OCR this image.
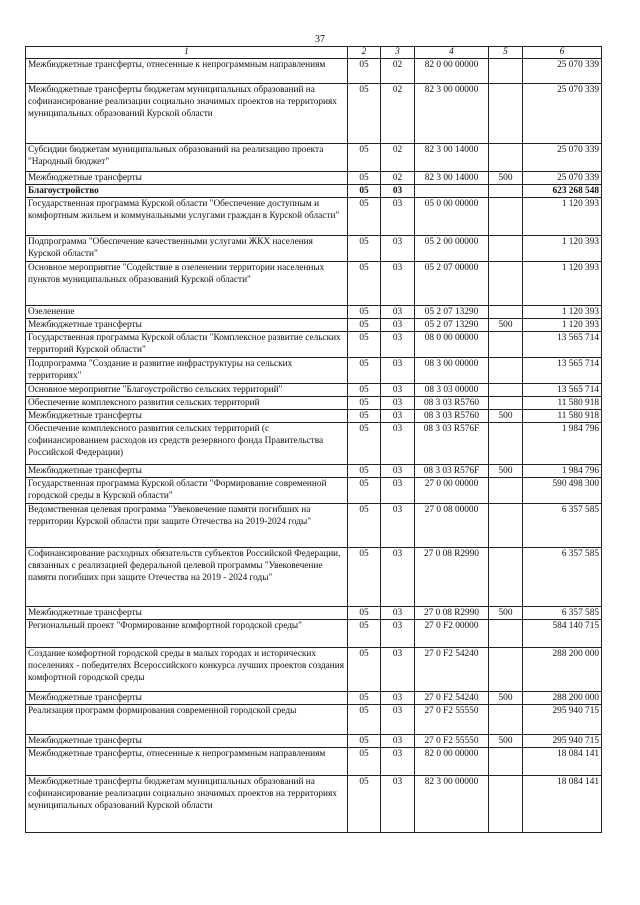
37
1	2	3	4	5	6
Межбюджетные трансферты, отнесенные к непрограммным направлениям	05	02	82 0 00 00000		25 070 339
Межбюджетные трансферты бюджетам муниципальных образований на софинансирование реализации социально значимых проектов на территориях муниципальных образований Курской области	05	02	82 3 00 00000		25 070 339
Субсидии бюджетам муниципальных образований на реализацию проекта "Народный бюджет"	05	02	82 3 00 14000		25 070 339
Межбюджетные трансферты	05	02	82 3 00 14000	500	25 070 339
Благоустройство	05	03			623 268 548
Государственная программа Курской области "Обеспечение доступным и комфортным жильем и коммунальными услугами граждан в Курской области"	05	03	05 0 00 00000		1 120 393
Подпрограмма "Обеспечение качественными услугами ЖКХ населения Курской области"	05	03	05 2 00 00000		1 120 393
Основное мероприятие "Содействие в озеленении территории населенных пунктов муниципальных образований Курской области"	05	03	05 2 07 00000		1 120 393
Озеленение	05	03	05 2 07 13290		1 120 393
Межбюджетные трансферты	05	03	05 2 07 13290	500	1 120 393
Государственная программа Курской области "Комплексное развитие сельских территорий Курской области"	05	03	08 0 00 00000		13 565 714
Подпрограмма "Создание и развитие инфраструктуры на сельских территориях"	05	03	08 3 00 00000		13 565 714
Основное мероприятие "Благоустройство сельских территорий"	05	03	08 3 03 00000		13 565 714
Обеспечение комплексного развития сельских территорий	05	03	08 3 03 R5760		11 580 918
Межбюджетные трансферты	05	03	08 3 03 R5760	500	11 580 918
Обеспечение комплексного развития сельских территорий (с софинансированием расходов из средств резервного фонда Правительства Российской Федерации)	05	03	08 3 03 R576F		1 984 796
Межбюджетные трансферты	05	03	08 3 03 R576F	500	1 984 796
Государственная программа Курской области "Формирование современной городской среды в Курской области"	05	03	27 0 00 00000		590 498 300
Ведомственная целевая программа "Увековечение памяти погибших на территории Курской области при защите Отечества на 2019-2024 годы"	05	03	27 0 08 00000		6 357 585
Софинансирование расходных обязательств субъектов Российской Федерации, связанных с реализацией федеральной целевой программы "Увековечение памяти погибших при защите Отечества на 2019 - 2024 годы"	05	03	27 0 08 R2990		6 357 585
Межбюджетные трансферты	05	03	27 0 08 R2990	500	6 357 585
Региональный проект "Формирование комфортной городской среды"	05	03	27 0 F2 00000		584 140 715
Создание комфортной городской среды в малых городах и исторических поселениях - победителях Всероссийского конкурса лучших проектов создания комфортной городской среды	05	03	27 0 F2 54240		288 200 000
Межбюджетные трансферты	05	03	27 0 F2 54240	500	288 200 000
Реализация программ формирования современной городской среды	05	03	27 0 F2 55550		295 940 715
Межбюджетные трансферты	05	03	27 0 F2 55550	500	295 940 715
Межбюджетные трансферты, отнесенные к непрограммным направлениям	05	03	82 0 00 00000		18 084 141
Межбюджетные трансферты бюджетам муниципальных образований на софинансирование реализации социально значимых проектов на территориях муниципальных образований Курской области	05	03	82 3 00 00000		18 084 141
